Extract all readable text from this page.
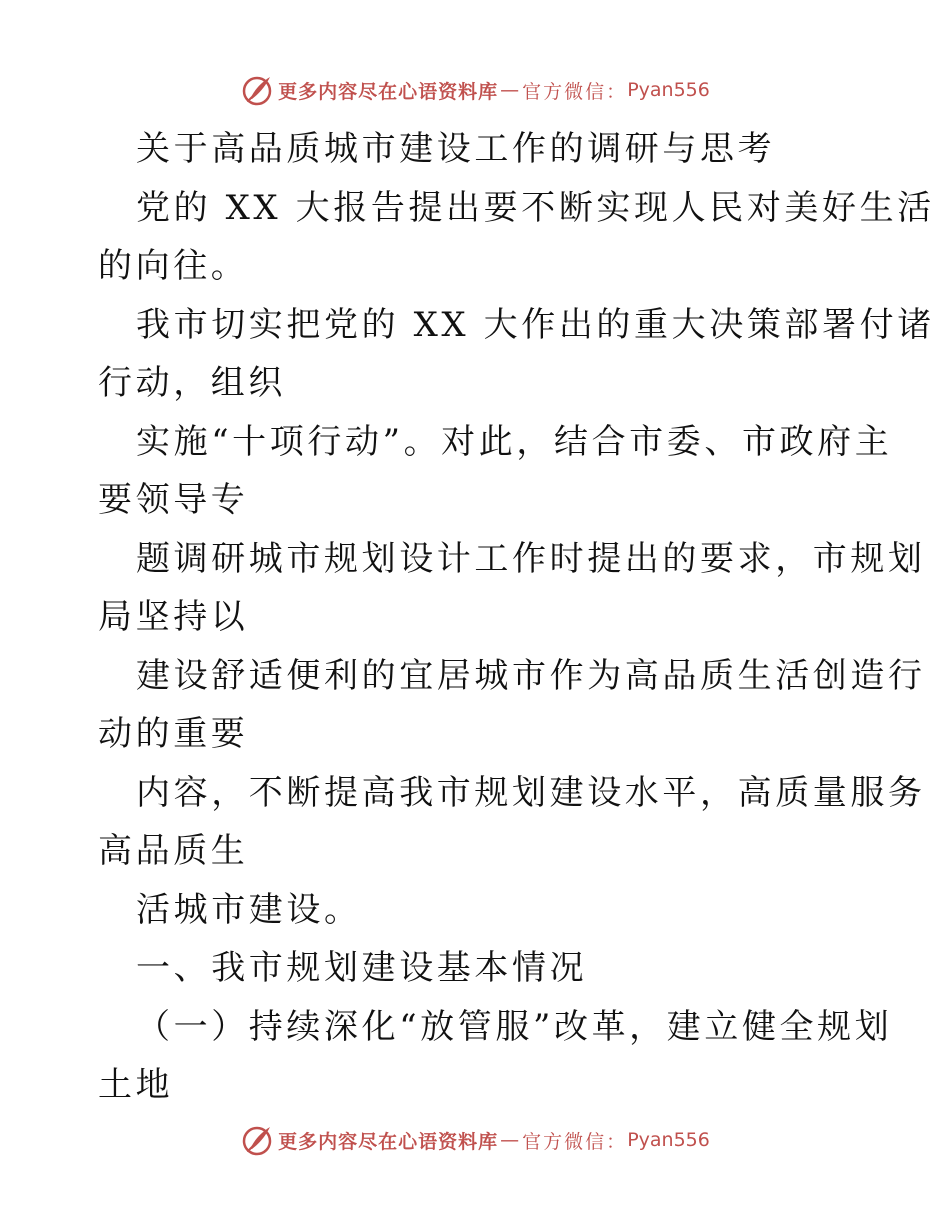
更多内容尽在心语资料库 — 官方微信： Pyan556
关于高品质城市建设工作的调研与思考
党的 XX 大报告提出要不断实现人民对美好生活
的向往。
我市切实把党的 XX 大作出的重大决策部署付诸
行动，组织
实施“十项行动”。对此，结合市委、市政府主
要领导专
题调研城市规划设计工作时提出的要求，市规划
局坚持以
建设舒适便利的宜居城市作为高品质生活创造行
动的重要
内容，不断提高我市规划建设水平，高质量服务
高品质生
活城市建设。
一、我市规划建设基本情况
（一）持续深化“放管服”改革，建立健全规划
土地
更多内容尽在心语资料库 — 官方微信： Pyan556
